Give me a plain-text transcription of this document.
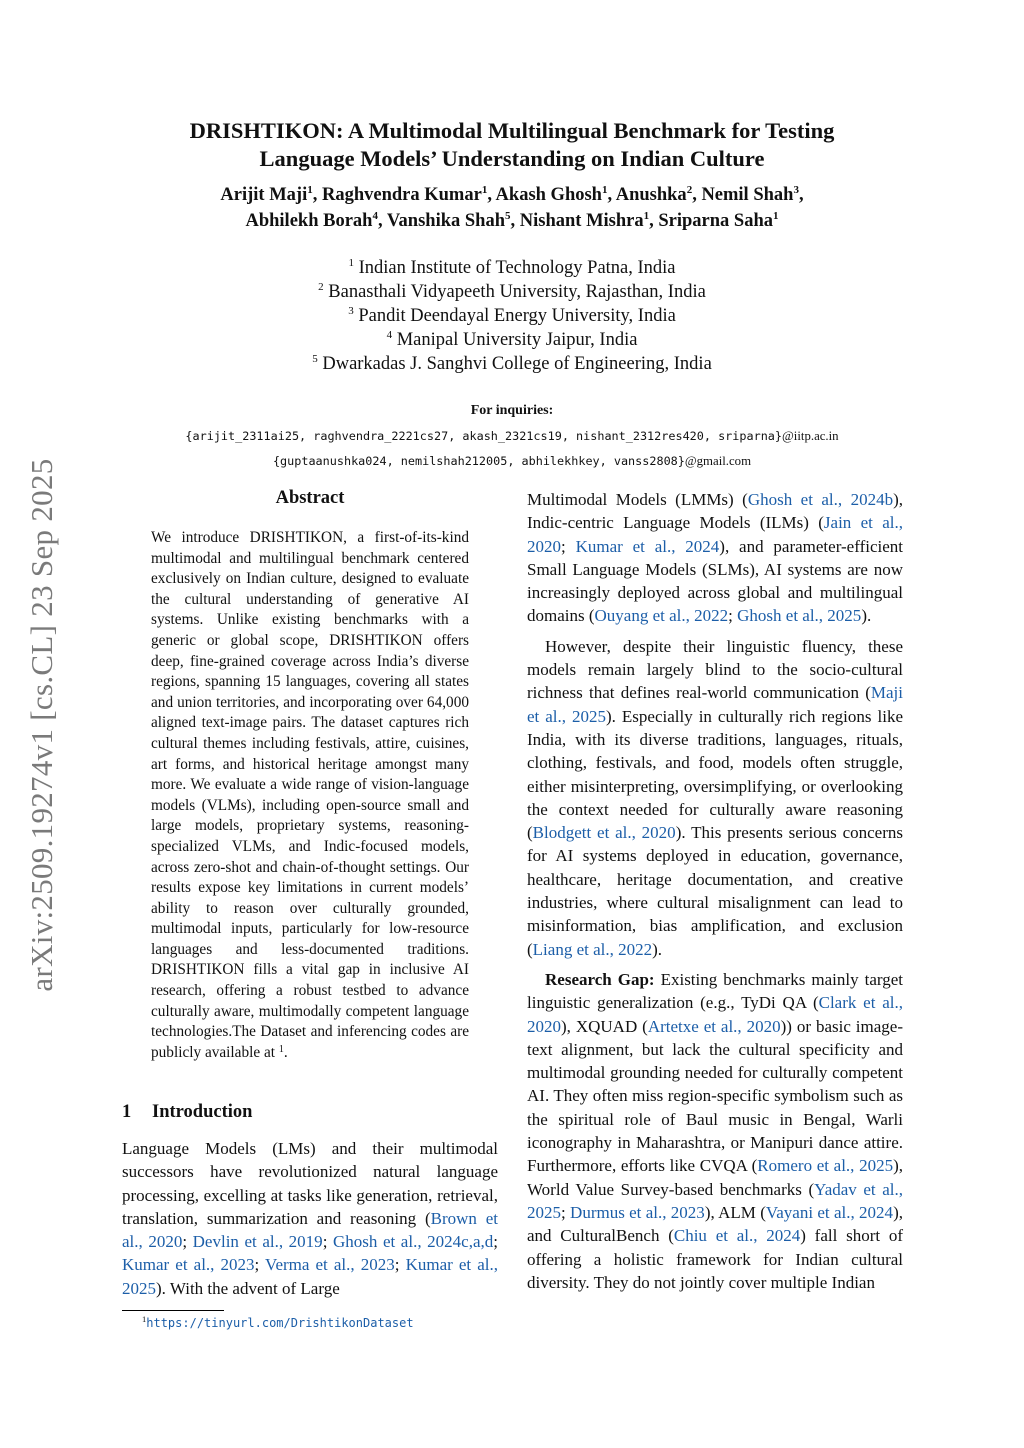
arXiv:2509.19274v1 [cs.CL] 23 Sep 2025
DRISHTIKON: A Multimodal Multilingual Benchmark for Testing
Language Models’ Understanding on Indian Culture
Arijit Maji$^1$, Raghvendra Kumar$^1$, Akash Ghosh$^1$, Anushka$^2$, Nemil Shah$^3$,
Abhilekh Borah$^4$, Vanshika Shah$^5$, Nishant Mishra$^1$, Sriparna Saha$^1$
$^1$ Indian Institute of Technology Patna, India
$^2$ Banasthali Vidyapeeth University, Rajasthan, India
$^3$ Pandit Deendayal Energy University, India
$^4$ Manipal University Jaipur, India
$^5$ Dwarkadas J. Sanghvi College of Engineering, India
For inquiries:
{arijit_2311ai25, raghvendra_2221cs27, akash_2321cs19, nishant_2312res420, sriparna}@iitp.ac.in
{guptaanushka024, nemilshah212005, abhilekhkey, vanss2808}@gmail.com
Abstract
We introduce DRISHTIKON, a first-of-its-kind multimodal and multilingual benchmark centered exclusively on Indian culture, designed to evaluate the cultural understanding of generative AI systems. Unlike existing benchmarks with a generic or global scope, DRISHTIKON offers deep, fine-grained coverage across India’s diverse regions, spanning 15 languages, covering all states and union territories, and incorporating over 64,000 aligned text-image pairs. The dataset captures rich cultural themes including festivals, attire, cuisines, art forms, and historical heritage amongst many more. We evaluate a wide range of vision-language models (VLMs), including open-source small and large models, proprietary systems, reasoning-specialized VLMs, and Indic-focused models, across zero-shot and chain-of-thought settings. Our results expose key limitations in current models’ ability to reason over culturally grounded, multimodal inputs, particularly for low-resource languages and less-documented traditions. DRISHTIKON fills a vital gap in inclusive AI research, offering a robust testbed to advance culturally aware, multimodally competent language technologies.The Dataset and inferencing codes are publicly available at $^1$.
1 Introduction

Language Models (LMs) and their multimodal successors have revolutionized natural language processing, excelling at tasks like generation, retrieval, translation, summarization and reasoning (Brown et al., 2020; Devlin et al., 2019; Ghosh et al., 2024c,a,d; Kumar et al., 2023; Verma et al., 2023; Kumar et al., 2025). With the advent of Large

Multimodal Models (LMMs) (Ghosh et al., 2024b), Indic-centric Language Models (ILMs) (Jain et al., 2020; Kumar et al., 2024), and parameter-efficient Small Language Models (SLMs), AI systems are now increasingly deployed across global and multilingual domains (Ouyang et al., 2022; Ghosh et al., 2025).

However, despite their linguistic fluency, these models remain largely blind to the socio-cultural richness that defines real-world communication (Maji et al., 2025). Especially in culturally rich regions like India, with its diverse traditions, languages, rituals, clothing, festivals, and food, models often struggle, either misinterpreting, oversimplifying, or overlooking the context needed for culturally aware reasoning (Blodgett et al., 2020). This presents serious concerns for AI systems deployed in education, governance, healthcare, heritage documentation, and creative industries, where cultural misalignment can lead to misinformation, bias amplification, and exclusion (Liang et al., 2022).

Research Gap: Existing benchmarks mainly target linguistic generalization (e.g., TyDi QA (Clark et al., 2020), XQUAD (Artetxe et al., 2020)) or basic image-text alignment, but lack the cultural specificity and multimodal grounding needed for culturally competent AI. They often miss region-specific symbolism such as the spiritual role of Baul music in Bengal, Warli iconography in Maharashtra, or Manipuri dance attire. Furthermore, efforts like CVQA (Romero et al., 2025), World Value Survey-based benchmarks (Yadav et al., 2025; Durmus et al., 2023), ALM (Vayani et al., 2024), and CulturalBench (Chiu et al., 2024) fall short of offering a holistic framework for Indian cultural diversity. They do not jointly cover multiple Indian

$^1$https://tinyurl.com/DrishtikonDataset
